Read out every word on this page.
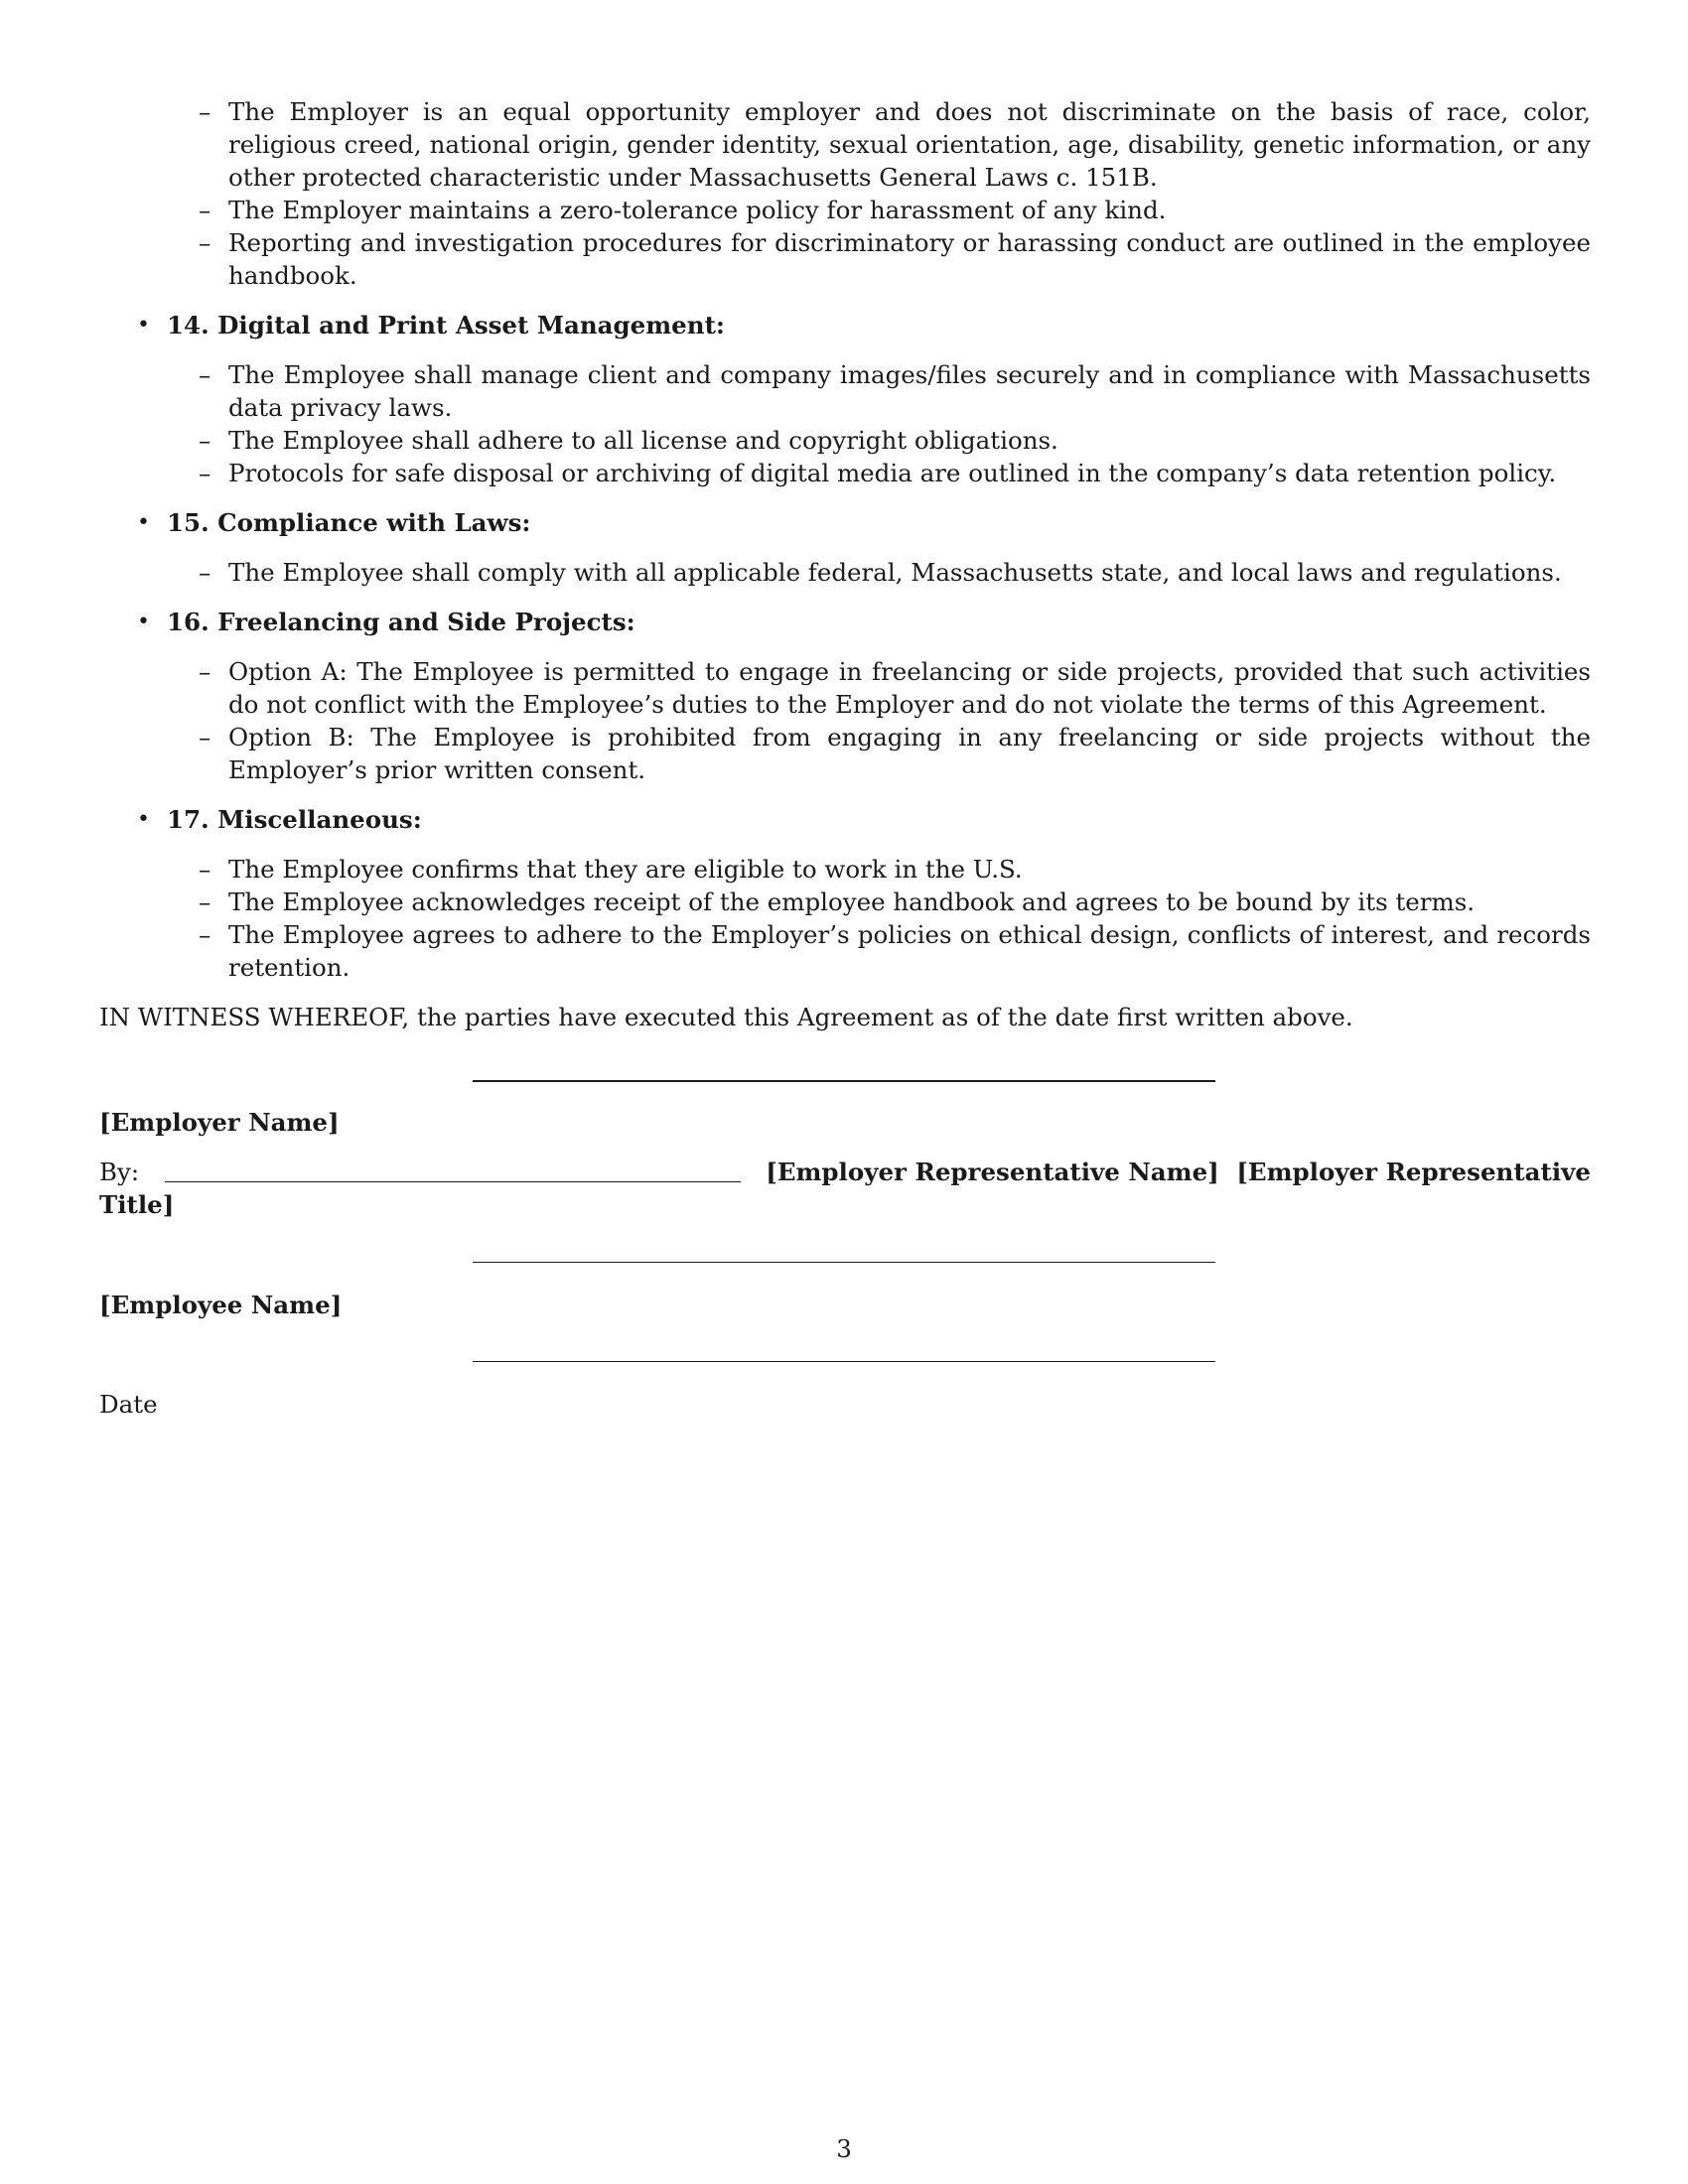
– The Employer is an equal opportunity employer and does not discriminate on the basis of race, color, religious creed, national origin, gender identity, sexual orientation, age, disability, genetic information, or any other protected characteristic under Massachusetts General Laws c. 151B.
– The Employer maintains a zero-tolerance policy for harassment of any kind.
– Reporting and investigation procedures for discriminatory or harassing conduct are outlined in the employee handbook.
• 14. Digital and Print Asset Management:
– The Employee shall manage client and company images/files securely and in compliance with Massachusetts data privacy laws.
– The Employee shall adhere to all license and copyright obligations.
– Protocols for safe disposal or archiving of digital media are outlined in the company’s data retention policy.
• 15. Compliance with Laws:
– The Employee shall comply with all applicable federal, Massachusetts state, and local laws and regulations.
• 16. Freelancing and Side Projects:
– Option A: The Employee is permitted to engage in freelancing or side projects, provided that such activities do not conflict with the Employee’s duties to the Employer and do not violate the terms of this Agreement.
– Option B: The Employee is prohibited from engaging in any freelancing or side projects without the Employer’s prior written consent.
• 17. Miscellaneous:
– The Employee confirms that they are eligible to work in the U.S.
– The Employee acknowledges receipt of the employee handbook and agrees to be bound by its terms.
– The Employee agrees to adhere to the Employer’s policies on ethical design, conflicts of interest, and records retention.
IN WITNESS WHEREOF, the parties have executed this Agreement as of the date first written above.
[Employer Name]
By:	[Employer Representative Name] [Employer Representative
Title]
[Employee Name]
Date
3
